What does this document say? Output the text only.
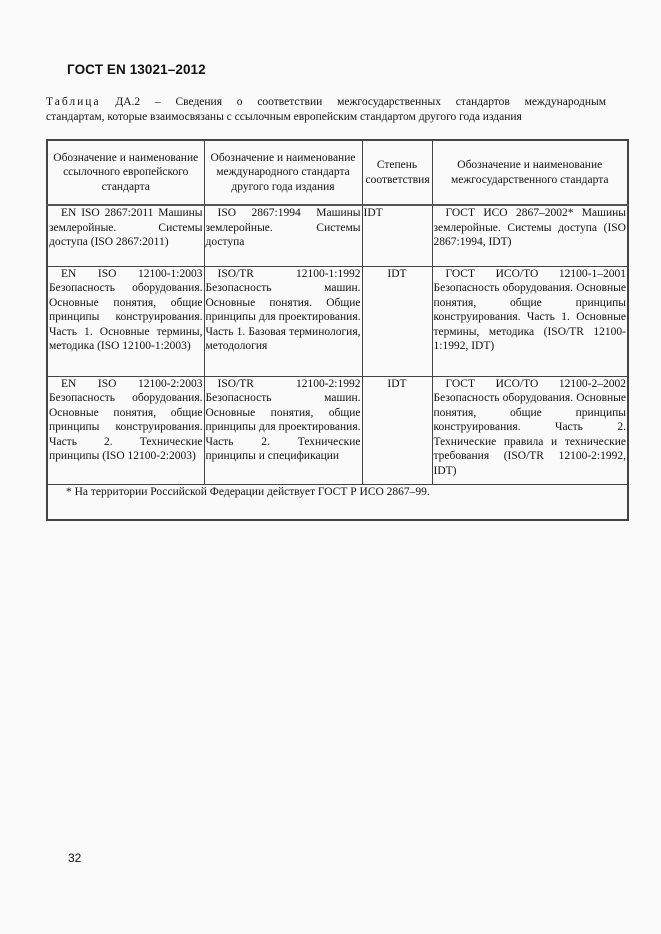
ГОСТ EN 13021–2012
Таблица ДА.2 – Сведения о соответствии межгосударственных стандартов международным
стандартам, которые взаимосвязаны с ссылочным европейским стандартом другого года издания
Обозначение и наименование ссылочного европейского стандарта	Обозначение и наименование международного стандарта другого года издания	Степень соответствия	Обозначение и наименование межгосударственного стандарта

EN ISO 2867:2011 Машины землеройные. Системы доступа (ISO 2867:2011)	ISO 2867:1994 Машины землеройные. Системы доступа	IDT	ГОСТ ИСО 2867–2002* Машины землеройные. Системы доступа (ISO 2867:1994, IDT)

EN ISO 12100-1:2003 Безопасность оборудования. Основные понятия, общие принципы конструирования. Часть 1. Основные термины, методика (ISO 12100-1:2003)	ISO/TR 12100-1:1992 Безопасность машин. Основные понятия. Общие принципы для проектирования. Часть 1. Базовая терминология, методология	IDT	ГОСТ ИСО/ТО 12100-1–2001 Безопасность оборудования. Основные понятия, общие принципы конструирования. Часть 1. Основные термины, методика (ISO/TR 12100-1:1992, IDT)

EN ISO 12100-2:2003 Безопасность оборудования. Основные понятия, общие принципы конструирования. Часть 2. Технические принципы (ISO 12100-2:2003)	ISO/TR 12100-2:1992 Безопасность машин. Основные понятия, общие принципы для проектирования. Часть 2. Технические принципы и спецификации	IDT	ГОСТ ИСО/ТО 12100-2–2002 Безопасность оборудования. Основные понятия, общие принципы конструирования. Часть 2. Технические правила и технические требования (ISO/TR 12100-2:1992, IDT)

* На территории Российской Федерации действует ГОСТ Р ИСО 2867–99.			
32
